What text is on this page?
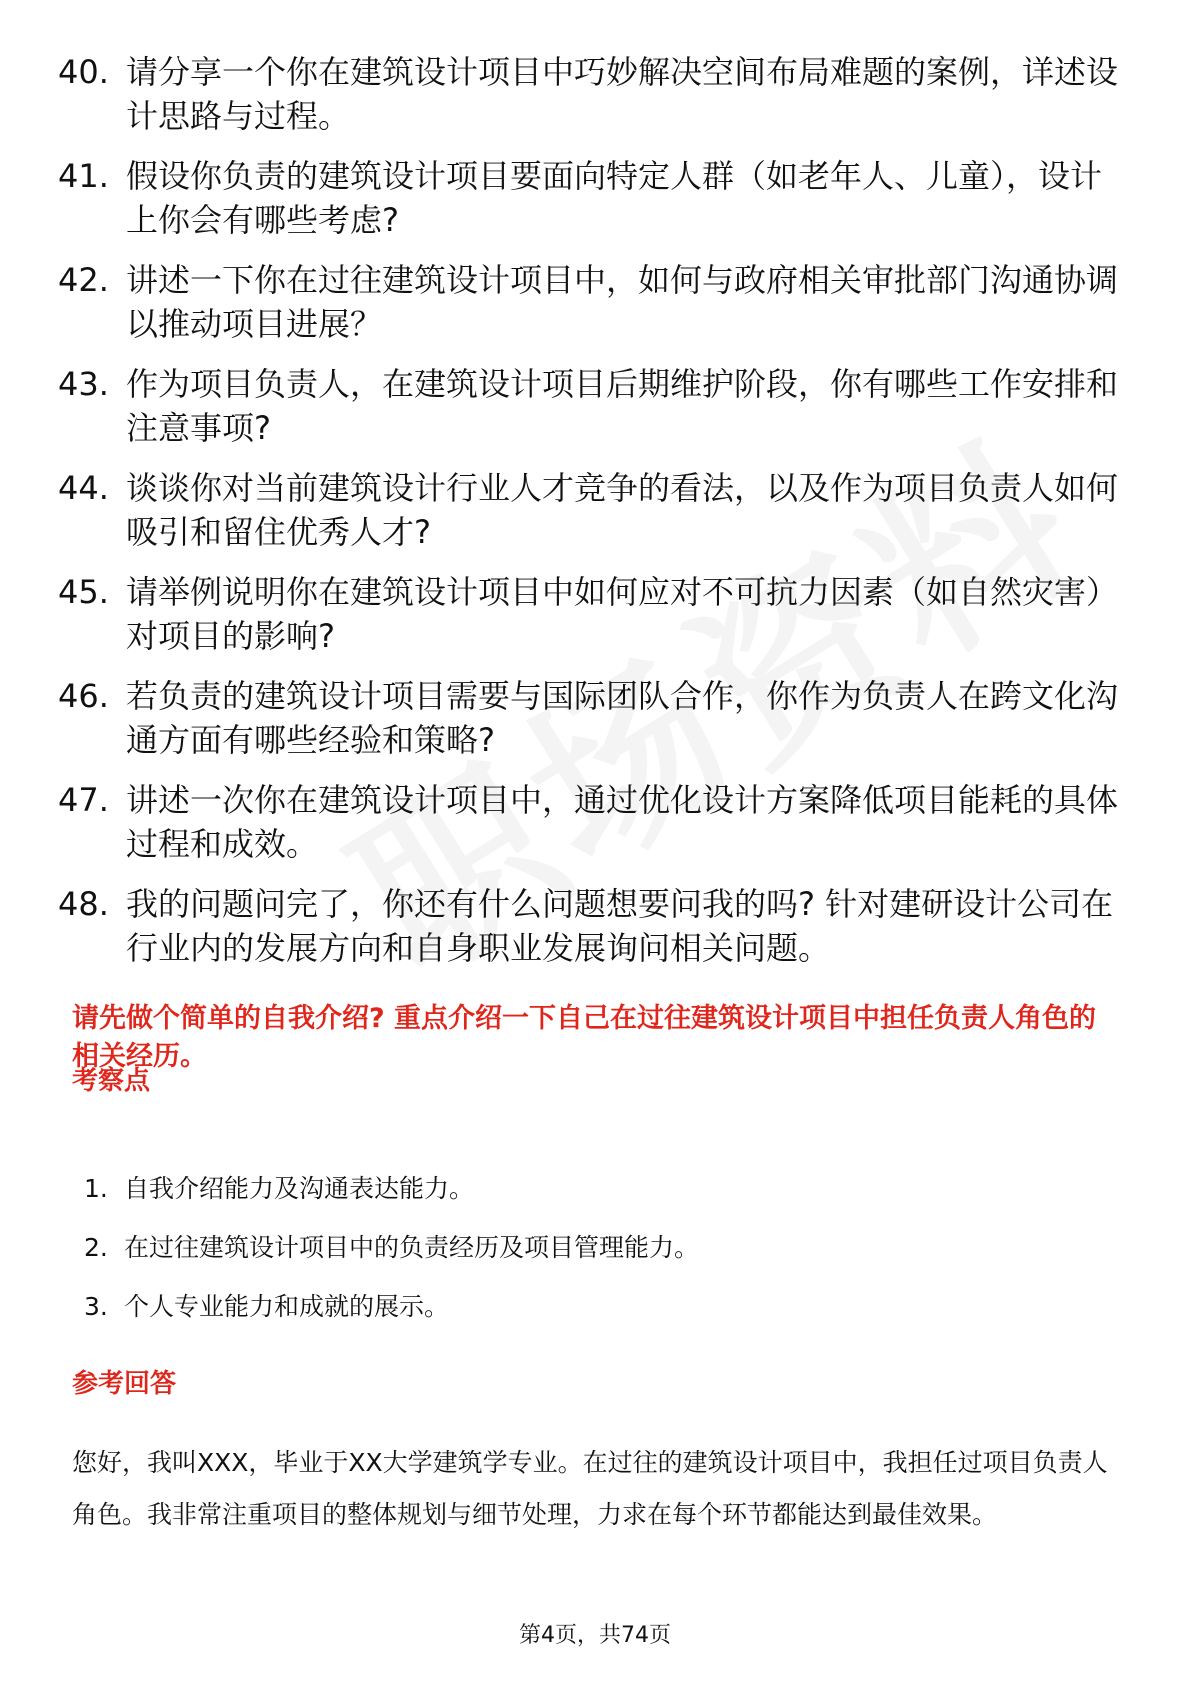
40. 请分享一个你在建筑设计项目中巧妙解决空间布局难题的案例，详述设计思路与过程。
41. 假设你负责的建筑设计项目要面向特定人群（如老年人、儿童），设计上你会有哪些考虑?
42. 讲述一下你在过往建筑设计项目中，如何与政府相关审批部门沟通协调以推动项目进展？
43. 作为项目负责人，在建筑设计项目后期维护阶段，你有哪些工作安排和注意事项?
44. 谈谈你对当前建筑设计行业人才竞争的看法，以及作为项目负责人如何吸引和留住优秀人才?
45. 请举例说明你在建筑设计项目中如何应对不可抗力因素（如自然灾害）对项目的影响?
46. 若负责的建筑设计项目需要与国际团队合作，你作为负责人在跨文化沟通方面有哪些经验和策略?
47. 讲述一次你在建筑设计项目中，通过优化设计方案降低项目能耗的具体过程和成效。
48. 我的问题问完了，你还有什么问题想要问我的吗? 针对建研设计公司在行业内的发展方向和自身职业发展询问相关问题。
请先做个简单的自我介绍? 重点介绍一下自己在过往建筑设计项目中担任负责人角色的相关经历。
考察点
1. 自我介绍能力及沟通表达能力。
2. 在过往建筑设计项目中的负责经历及项目管理能力。
3. 个人专业能力和成就的展示。
参考回答
您好，我叫XXX，毕业于XX大学建筑学专业。在过往的建筑设计项目中，我担任过项目负责人角色。我非常注重项目的整体规划与细节处理，力求在每个环节都能达到最佳效果。
第4页，共74页
